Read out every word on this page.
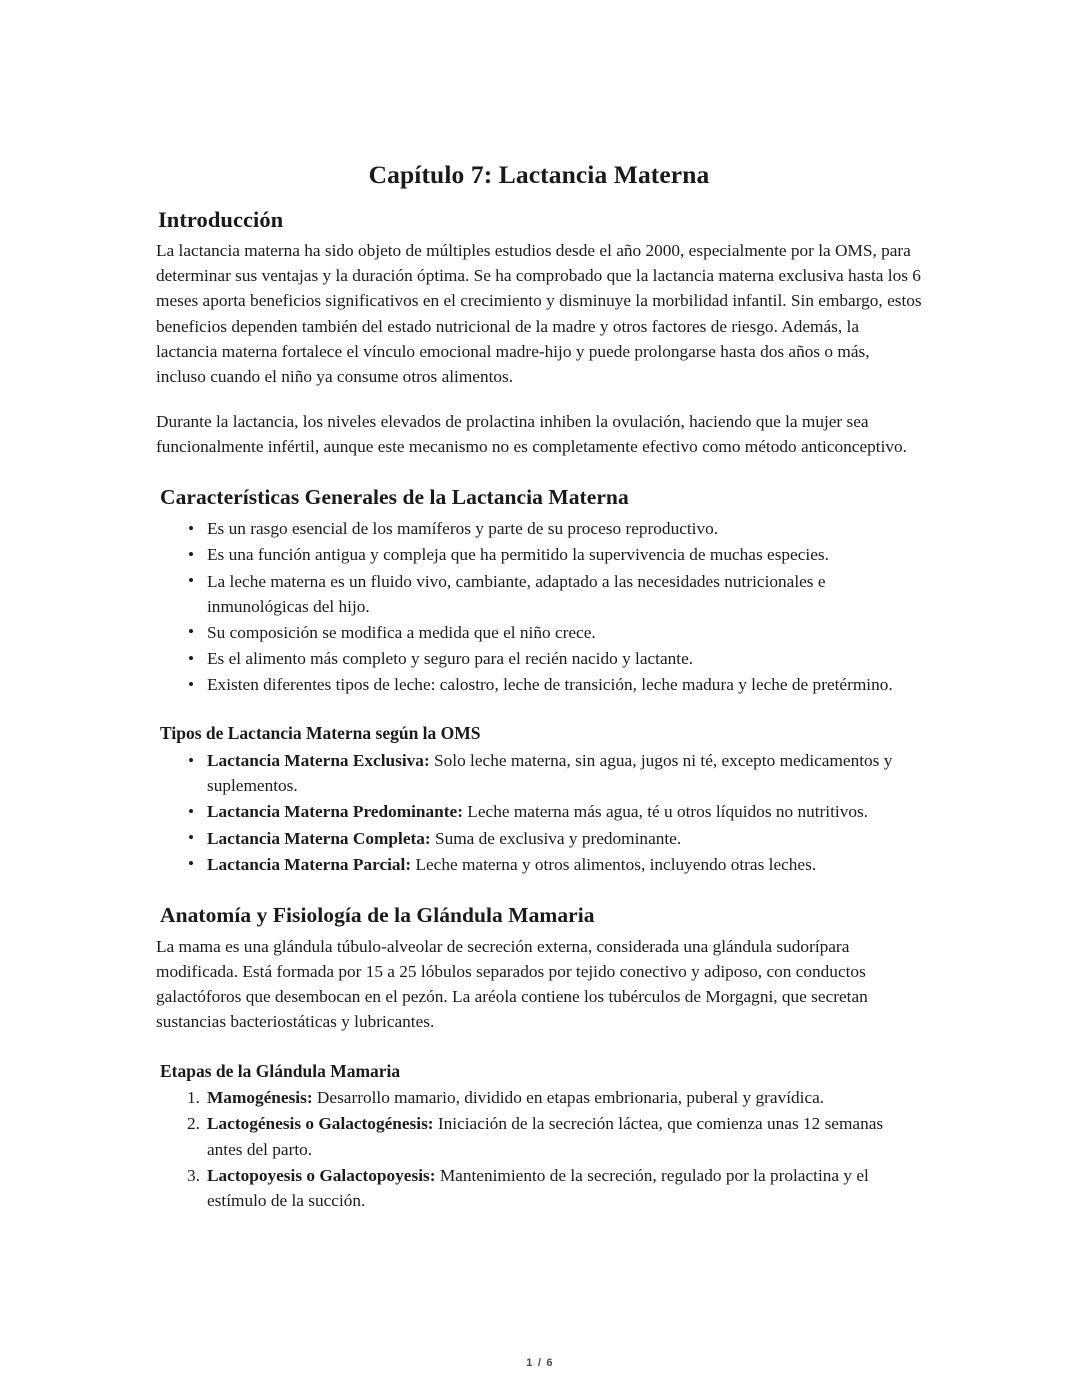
Capítulo 7: Lactancia Materna
Introducción

La lactancia materna ha sido objeto de múltiples estudios desde el año 2000, especialmente por la OMS, para determinar sus ventajas y la duración óptima. Se ha comprobado que la lactancia materna exclusiva hasta los 6 meses aporta beneficios significativos en el crecimiento y disminuye la morbilidad infantil. Sin embargo, estos beneficios dependen también del estado nutricional de la madre y otros factores de riesgo. Además, la lactancia materna fortalece el vínculo emocional madre-hijo y puede prolongarse hasta dos años o más, incluso cuando el niño ya consume otros alimentos.

Durante la lactancia, los niveles elevados de prolactina inhiben la ovulación, haciendo que la mujer sea funcionalmente infértil, aunque este mecanismo no es completamente efectivo como método anticonceptivo.

Características Generales de la Lactancia Materna
• Es un rasgo esencial de los mamíferos y parte de su proceso reproductivo.
• Es una función antigua y compleja que ha permitido la supervivencia de muchas especies.
• La leche materna es un fluido vivo, cambiante, adaptado a las necesidades nutricionales e inmunológicas del hijo.
• Su composición se modifica a medida que el niño crece.
• Es el alimento más completo y seguro para el recién nacido y lactante.
• Existen diferentes tipos de leche: calostro, leche de transición, leche madura y leche de pretérmino.
Tipos de Lactancia Materna según la OMS
• Lactancia Materna Exclusiva: Solo leche materna, sin agua, jugos ni té, excepto medicamentos y suplementos.
• Lactancia Materna Predominante: Leche materna más agua, té u otros líquidos no nutritivos.
• Lactancia Materna Completa: Suma de exclusiva y predominante.
• Lactancia Materna Parcial: Leche materna y otros alimentos, incluyendo otras leches.
Anatomía y Fisiología de la Glándula Mamaria

La mama es una glándula túbulo-alveolar de secreción externa, considerada una glándula sudorípara modificada. Está formada por 15 a 25 lóbulos separados por tejido conectivo y adiposo, con conductos galactóforos que desembocan en el pezón. La aréola contiene los tubérculos de Morgagni, que secretan sustancias bacteriostáticas y lubricantes.

Etapas de la Glándula Mamaria
Mamogénesis: Desarrollo mamario, dividido en etapas embrionaria, puberal y gravídica.
Lactogénesis o Galactogénesis: Iniciación de la secreción láctea, que comienza unas 12 semanas antes del parto.
Lactopoyesis o Galactopoyesis: Mantenimiento de la secreción, regulado por la prolactina y el estímulo de la succión.
1 / 6
